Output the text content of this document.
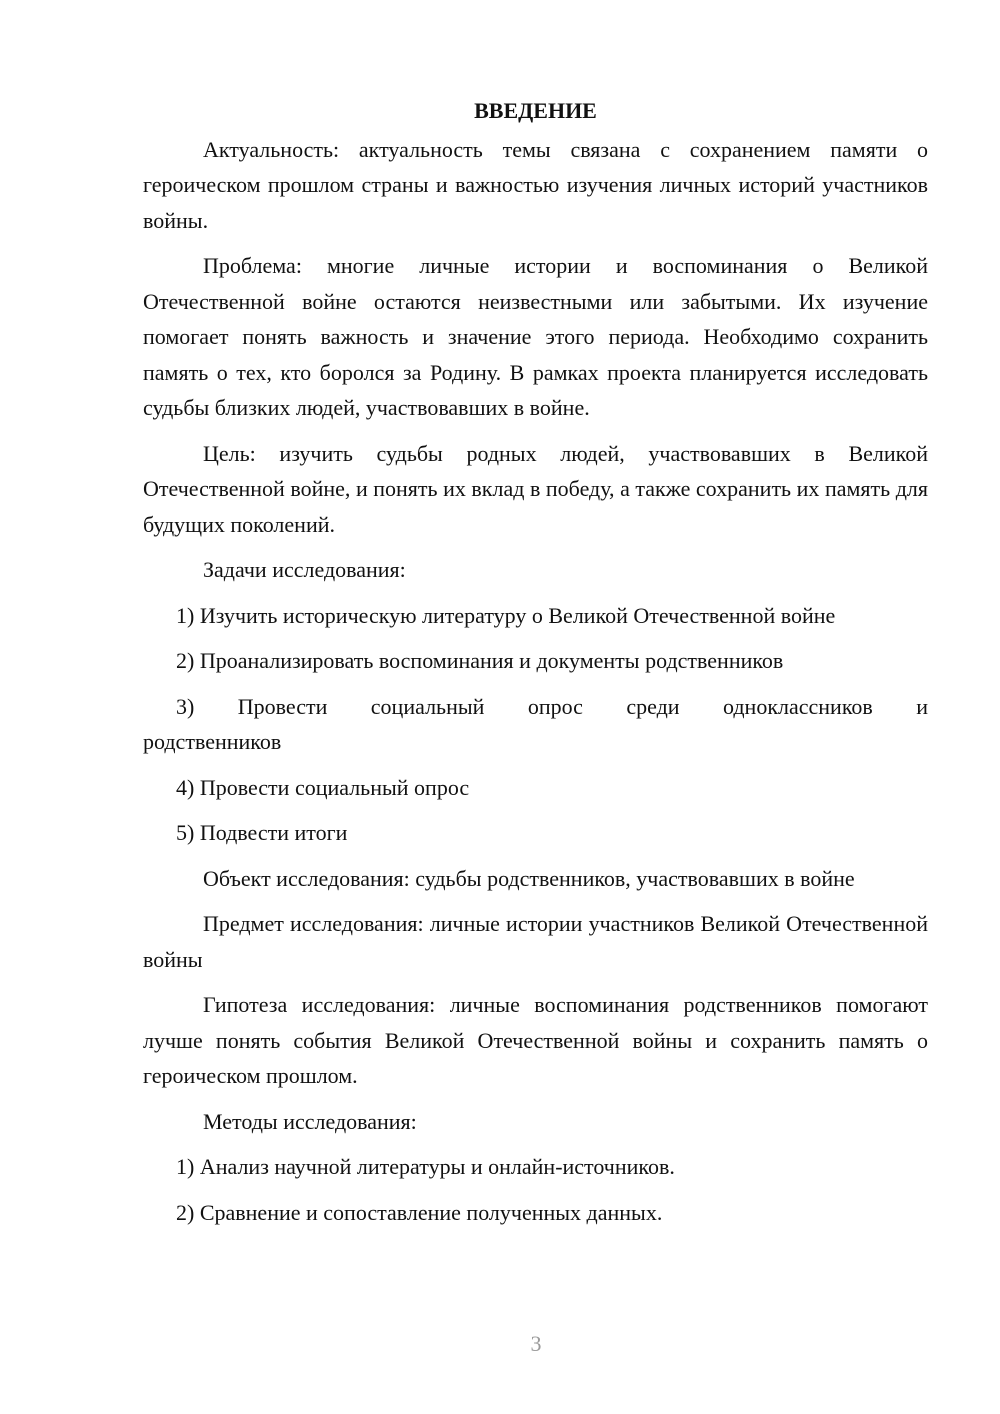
ВВЕДЕНИЕ

Актуальность: актуальность темы связана с сохранением памяти о героическом прошлом страны и важностью изучения личных историй участников войны.

Проблема: многие личные истории и воспоминания о Великой Отечественной войне остаются неизвестными или забытыми. Их изучение помогает понять важность и значение этого периода. Необходимо сохранить память о тех, кто боролся за Родину. В рамках проекта планируется исследовать судьбы близких людей, участвовавших в войне.

Цель: изучить судьбы родных людей, участвовавших в Великой Отечественной войне, и понять их вклад в победу, а также сохранить их память для будущих поколений.

Задачи исследования:

1) Изучить историческую литературу о Великой Отечественной войне
2) Проанализировать воспоминания и документы родственников
3) Провести социальный опрос среди одноклассников и
родственников
4) Провести социальный опрос
5) Подвести итоги

Объект исследования: судьбы родственников, участвовавших в войне

Предмет исследования: личные истории участников Великой Отечественной войны

Гипотеза исследования: личные воспоминания родственников помогают лучше понять события Великой Отечественной войны и сохранить память о героическом прошлом.

Методы исследования:

1) Анализ научной литературы и онлайн-источников.
2) Сравнение и сопоставление полученных данных.
3
